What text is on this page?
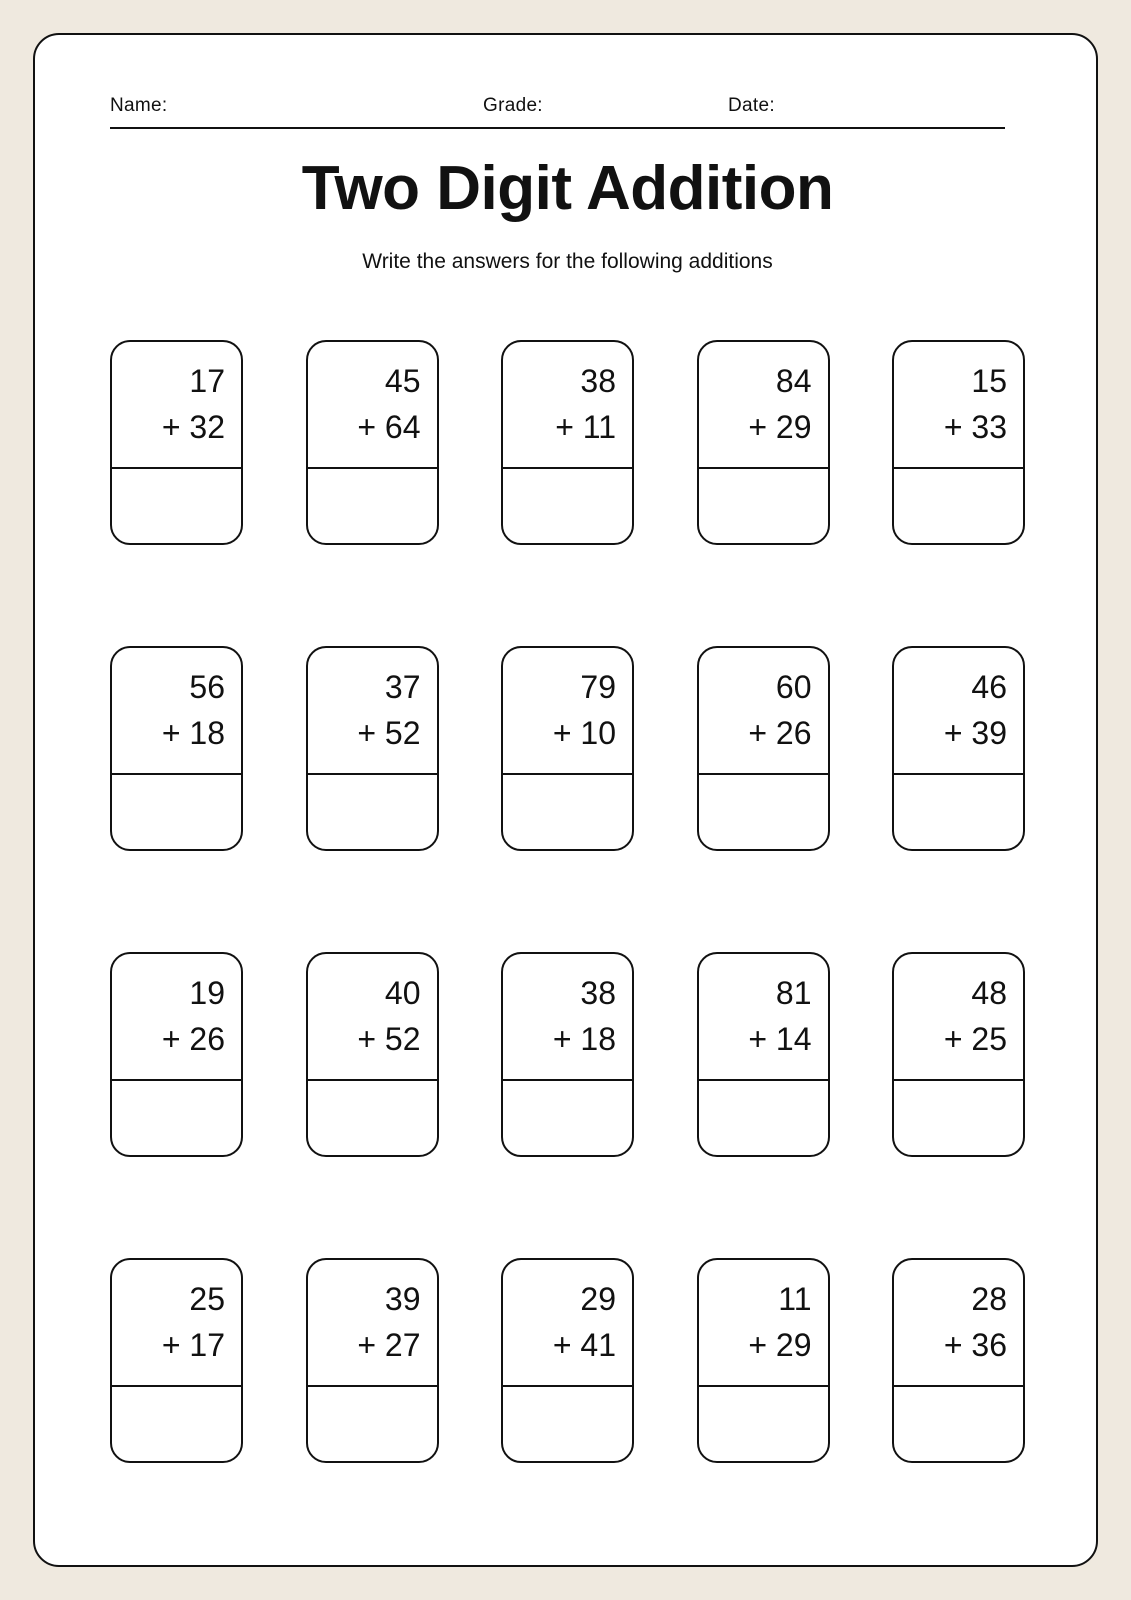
Name:	Grade:	Date:
Two Digit Addition
Write the answers for the following additions
17
+ 32
45
+ 64
38
+ 11
84
+ 29
15
+ 33
56
+ 18
37
+ 52
79
+ 10
60
+ 26
46
+ 39
19
+ 26
40
+ 52
38
+ 18
81
+ 14
48
+ 25
25
+ 17
39
+ 27
29
+ 41
11
+ 29
28
+ 36
